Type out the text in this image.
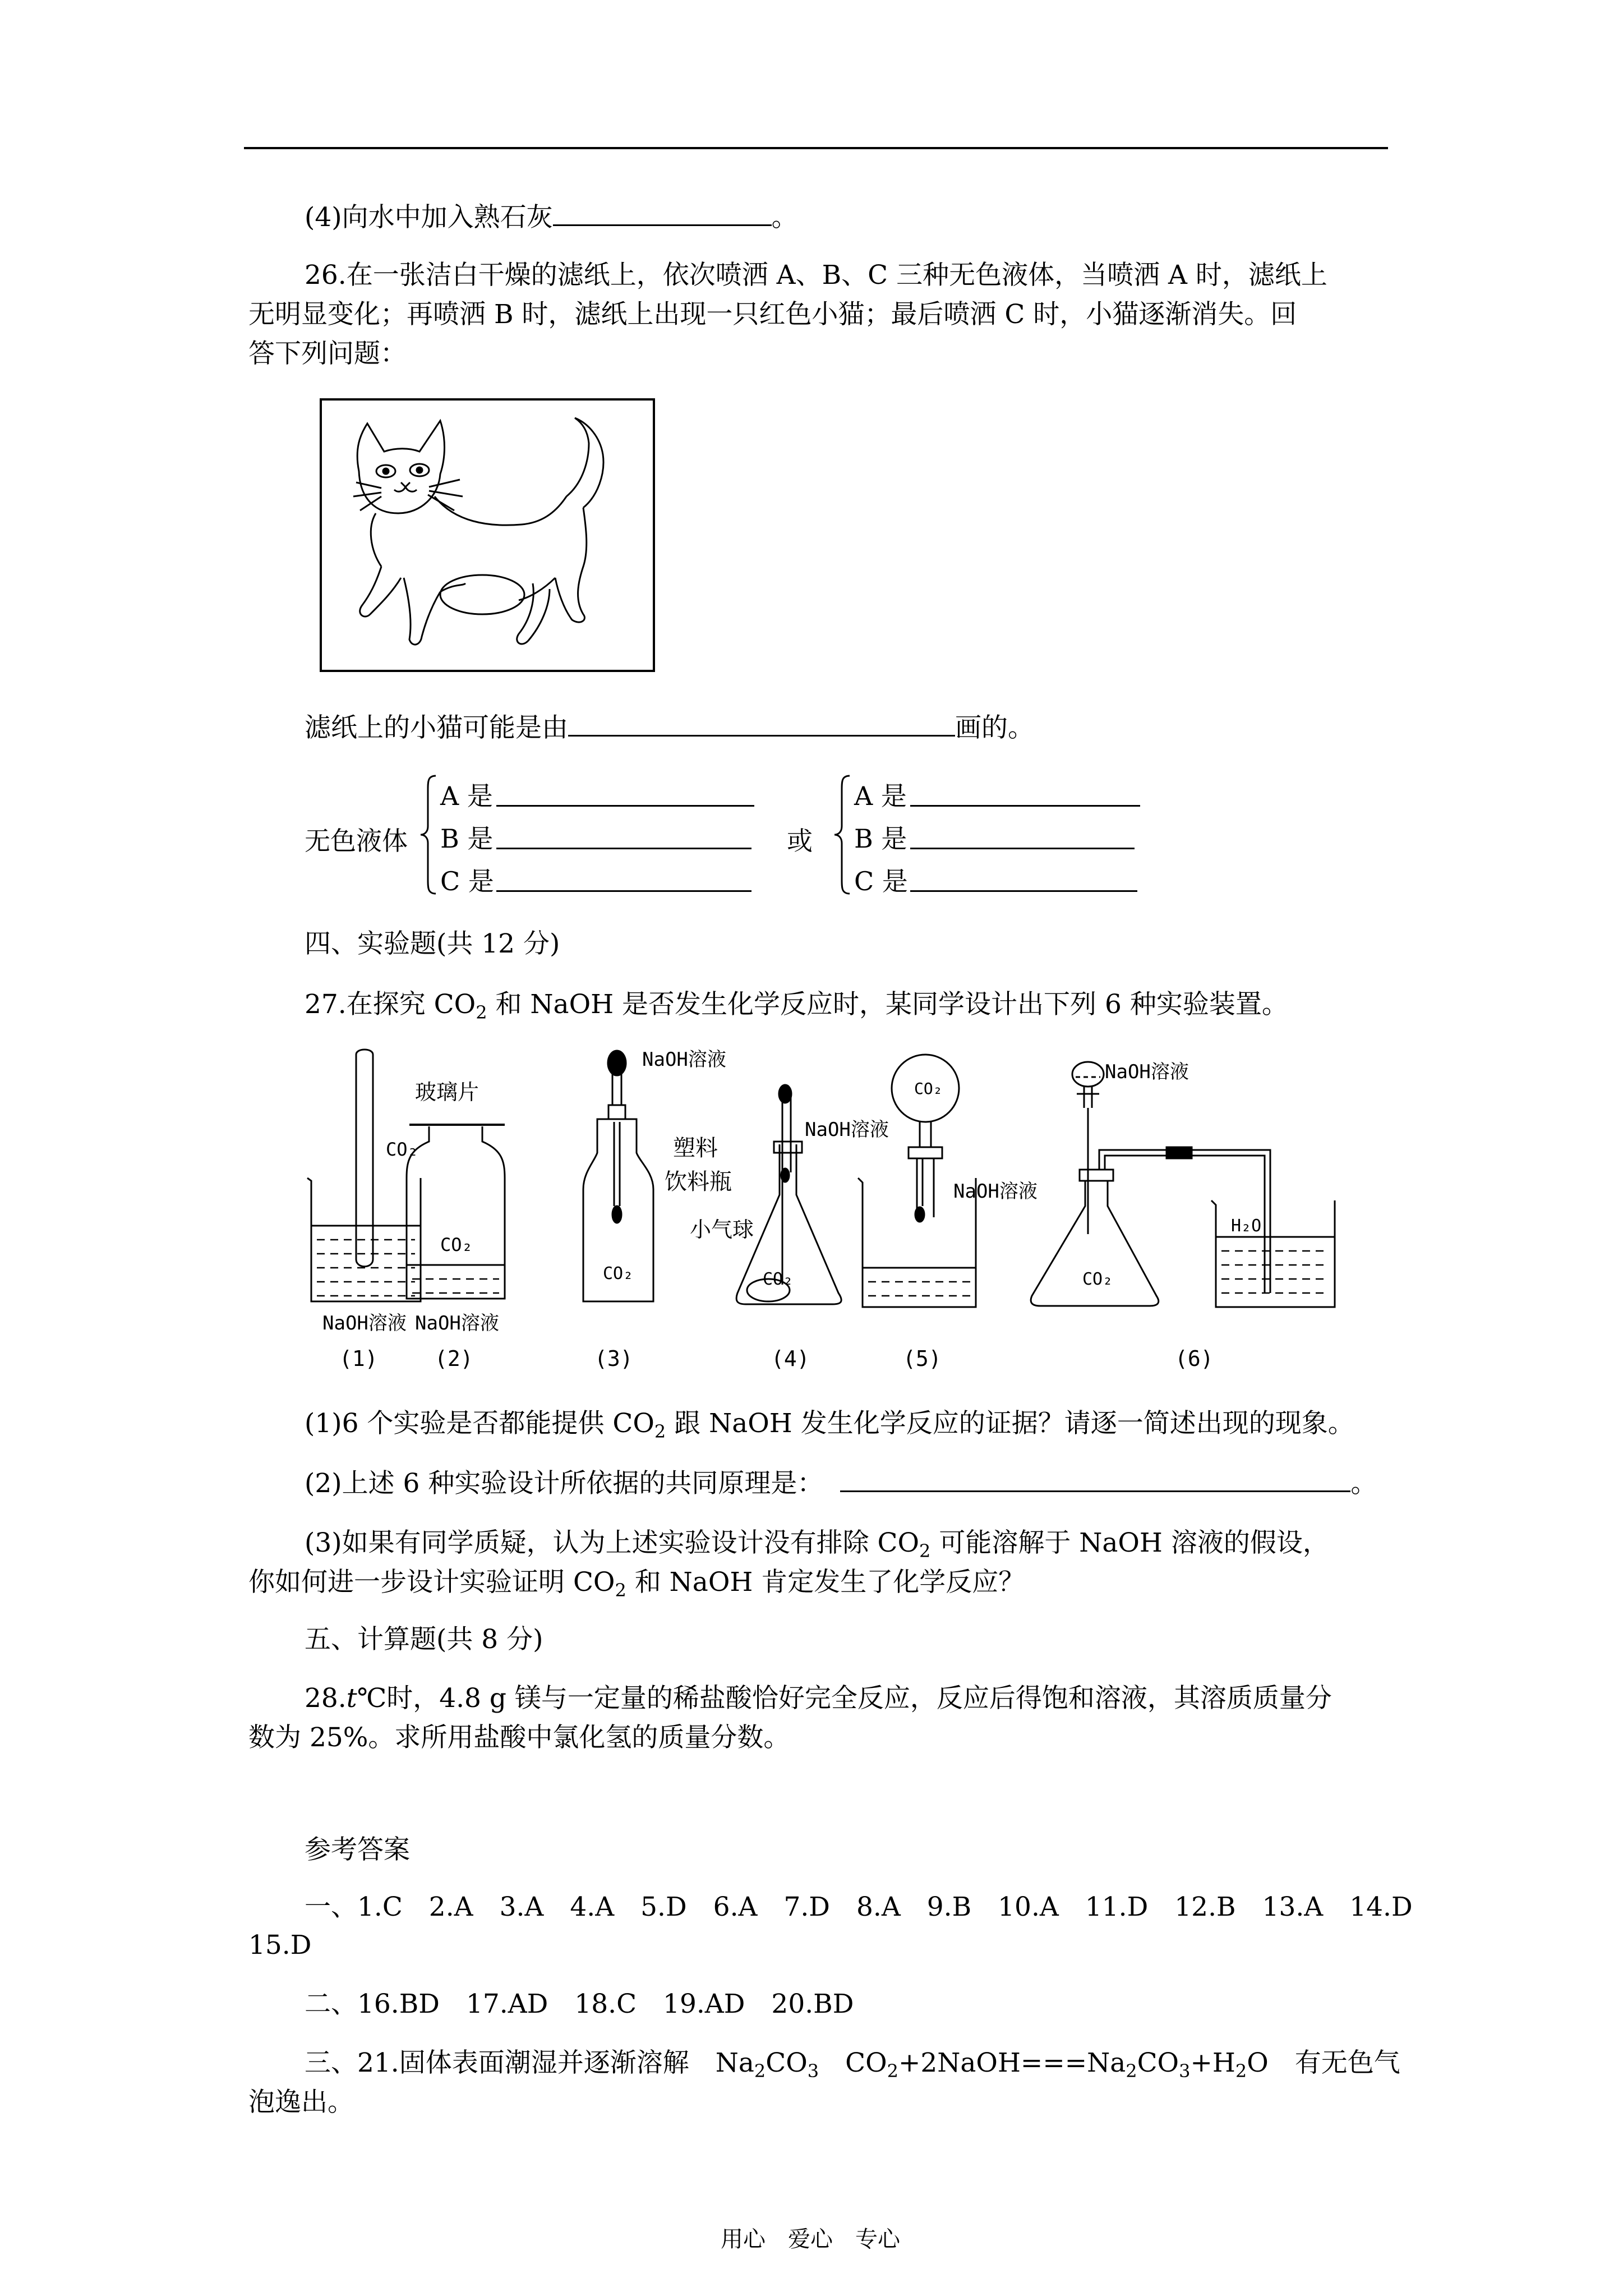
(4)向水中加入熟石灰	。
26.在一张洁白干燥的滤纸上，依次喷洒 A、B、C 三种无色液体，当喷洒 A 时，滤纸上
无明显变化；再喷洒 B 时，滤纸上出现一只红色小猫；最后喷洒 C 时，小猫逐渐消失。回
答下列问题：
滤纸上的小猫可能是由	画的。
无色液体
A 是
B 是
C 是
或
A 是
B 是
C 是
四、实验题(共 12 分)
27.在探究 $CO_2$ 和 NaOH 是否发生化学反应时，某同学设计出下列 6 种实验装置。
CO₂
CO₂
玻璃片
CO₂
NaOH溶液
塑料
饮料瓶
NaOH溶液
小气球
CO₂
CO₂
NaOH溶液
NaOH溶液
CO₂
H₂O
NaOH溶液 NaOH溶液
(1)	(2)	(3)	(4)	(5)	(6)
(1)6 个实验是否都能提供 $CO_2$ 跟 NaOH 发生化学反应的证据？请逐一简述出现的现象。
(2)上述 6 种实验设计所依据的共同原理是：	。
(3)如果有同学质疑，认为上述实验设计没有排除 $CO_2$ 可能溶解于 NaOH 溶液的假设，
你如何进一步设计实验证明 $CO_2$ 和 NaOH 肯定发生了化学反应？
五、计算题(共 8 分)
28.t℃时，4.8 g 镁与一定量的稀盐酸恰好完全反应，反应后得饱和溶液，其溶质质量分
数为 25%。求所用盐酸中氯化氢的质量分数。
参考答案
一、1.C　2.A　3.A　4.A　5.D　6.A　7.D　8.A　9.B　10.A　11.D　12.B　13.A　14.D
15.D
二、16.BD　17.AD　18.C　19.AD　20.BD
三、21.固体表面潮湿并逐渐溶解　$Na_2CO_3$　$CO_2+2NaOH===Na_2CO_3+H_2O$　有无色气
泡逸出。
用心　爱心　专心
